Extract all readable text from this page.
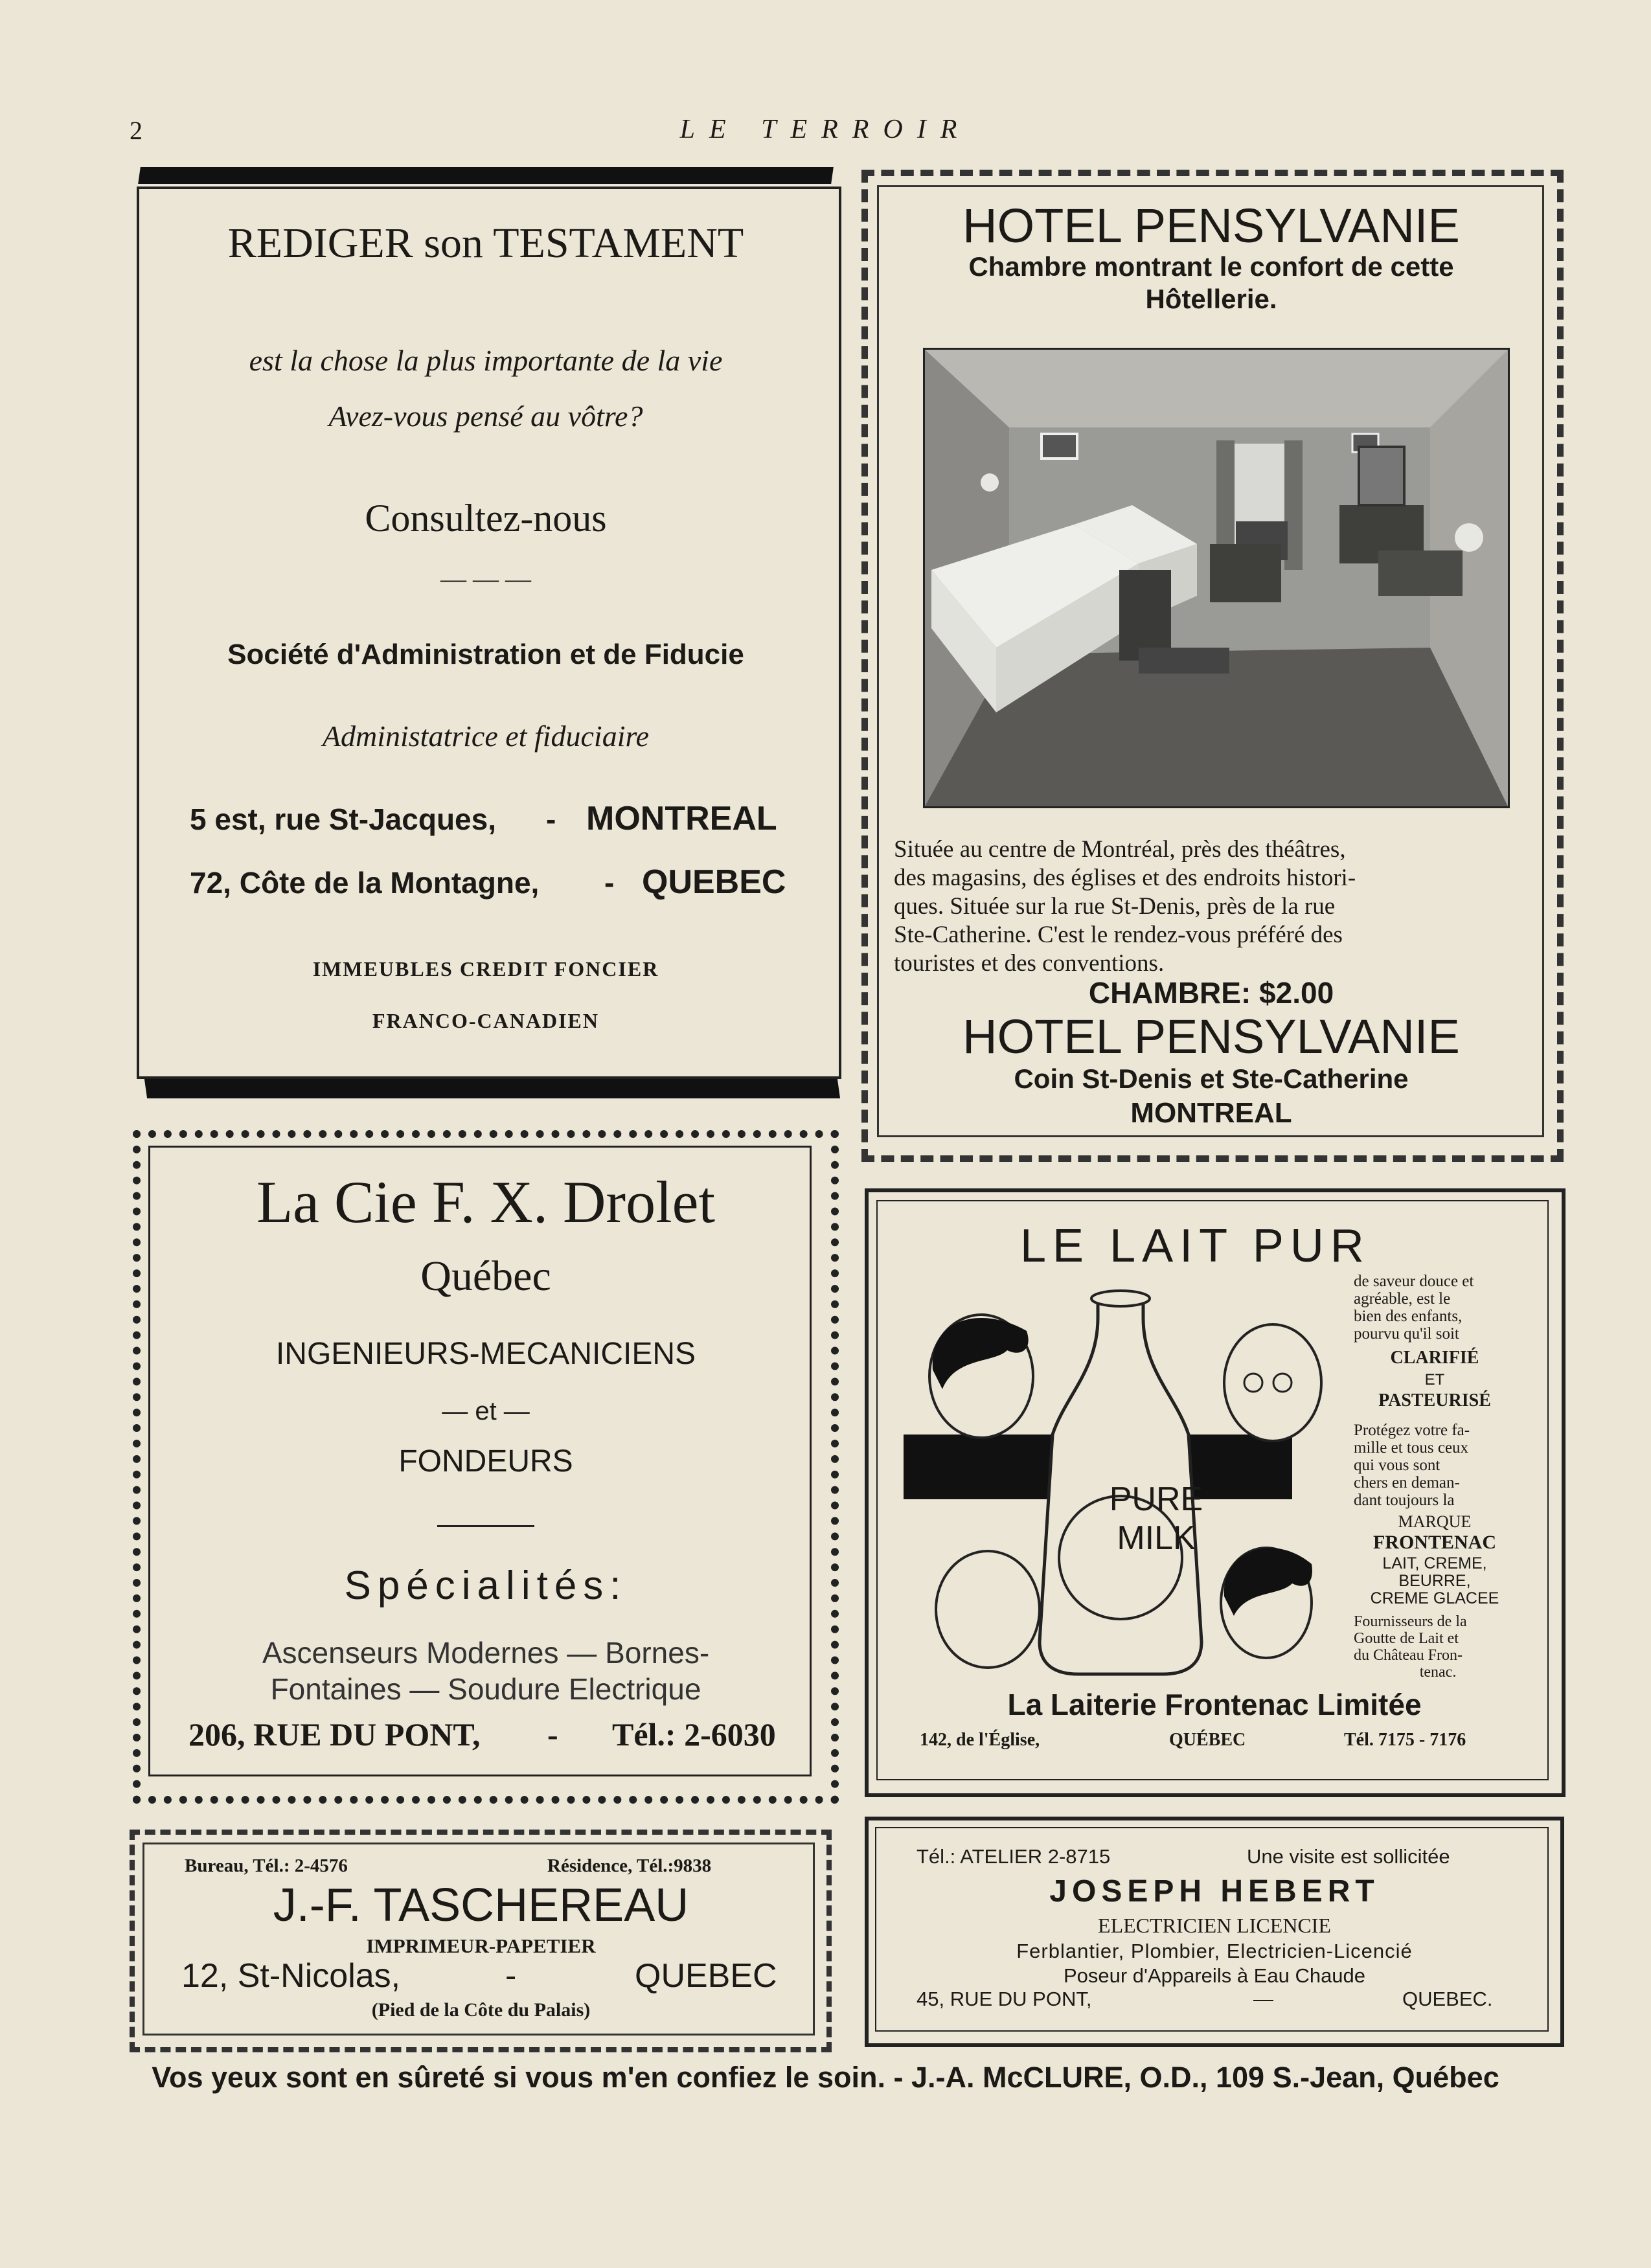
2	LE TERROIR
REDIGER son TESTAMENT
est la chose la plus importante de la vie
Avez-vous pensé au vôtre?
Consultez-nous
— — —
Société d'Administration et de Fiducie
Administatrice et fiduciaire
5 est, rue St-Jacques, - MONTREAL
72, Côte de la Montagne, - QUEBEC
IMMEUBLES CREDIT FONCIER
FRANCO-CANADIEN
HOTEL PENSYLVANIE
Chambre montrant le confort de cette
Hôtellerie.
Située au centre de Montréal, près des théâtres,
des magasins, des églises et des endroits histori-
ques. Située sur la rue St-Denis, près de la rue
Ste-Catherine. C'est le rendez-vous préféré des
touristes et des conventions.
CHAMBRE: $2.00
HOTEL PENSYLVANIE
Coin St-Denis et Ste-Catherine
MONTREAL
La Cie F. X. Drolet
Québec
INGENIEURS-MECANICIENS
— et —
FONDEURS
Spécialités:
Ascenseurs Modernes — Bornes-
Fontaines — Soudure Electrique
206, RUE DU PONT, - Tél.: 2-6030
LE LAIT PUR
PURE
MILK
de saveur douce et
agréable, est le
bien des enfants,
pourvu qu'il soit
CLARIFIÉ
ET
PASTEURISÉ
Protégez votre fa-
mille et tous ceux
qui vous sont
chers en deman-
dant toujours la
MARQUE
FRONTENAC
LAIT, CREME,
BEURRE,
CREME GLACEE
Fournisseurs de la
Goutte de Lait et
du Château Fron-
tenac.
La Laiterie Frontenac Limitée
142, de l'Église,	QUÉBEC	Tél. 7175 - 7176
Bureau, Tél.: 2-4576	Résidence, Tél.:9838
J.-F. TASCHEREAU
IMPRIMEUR-PAPETIER
12, St-Nicolas,	-	QUEBEC
(Pied de la Côte du Palais)
Tél.: ATELIER 2-8715	Une visite est sollicitée
JOSEPH HEBERT
ELECTRICIEN LICENCIE
Ferblantier, Plombier, Electricien-Licencié
Poseur d'Appareils à Eau Chaude
45, RUE DU PONT,	—	QUEBEC.
Vos yeux sont en sûreté si vous m'en confiez le soin. - J.-A. McCLURE, O.D., 109 S.-Jean, Québec
